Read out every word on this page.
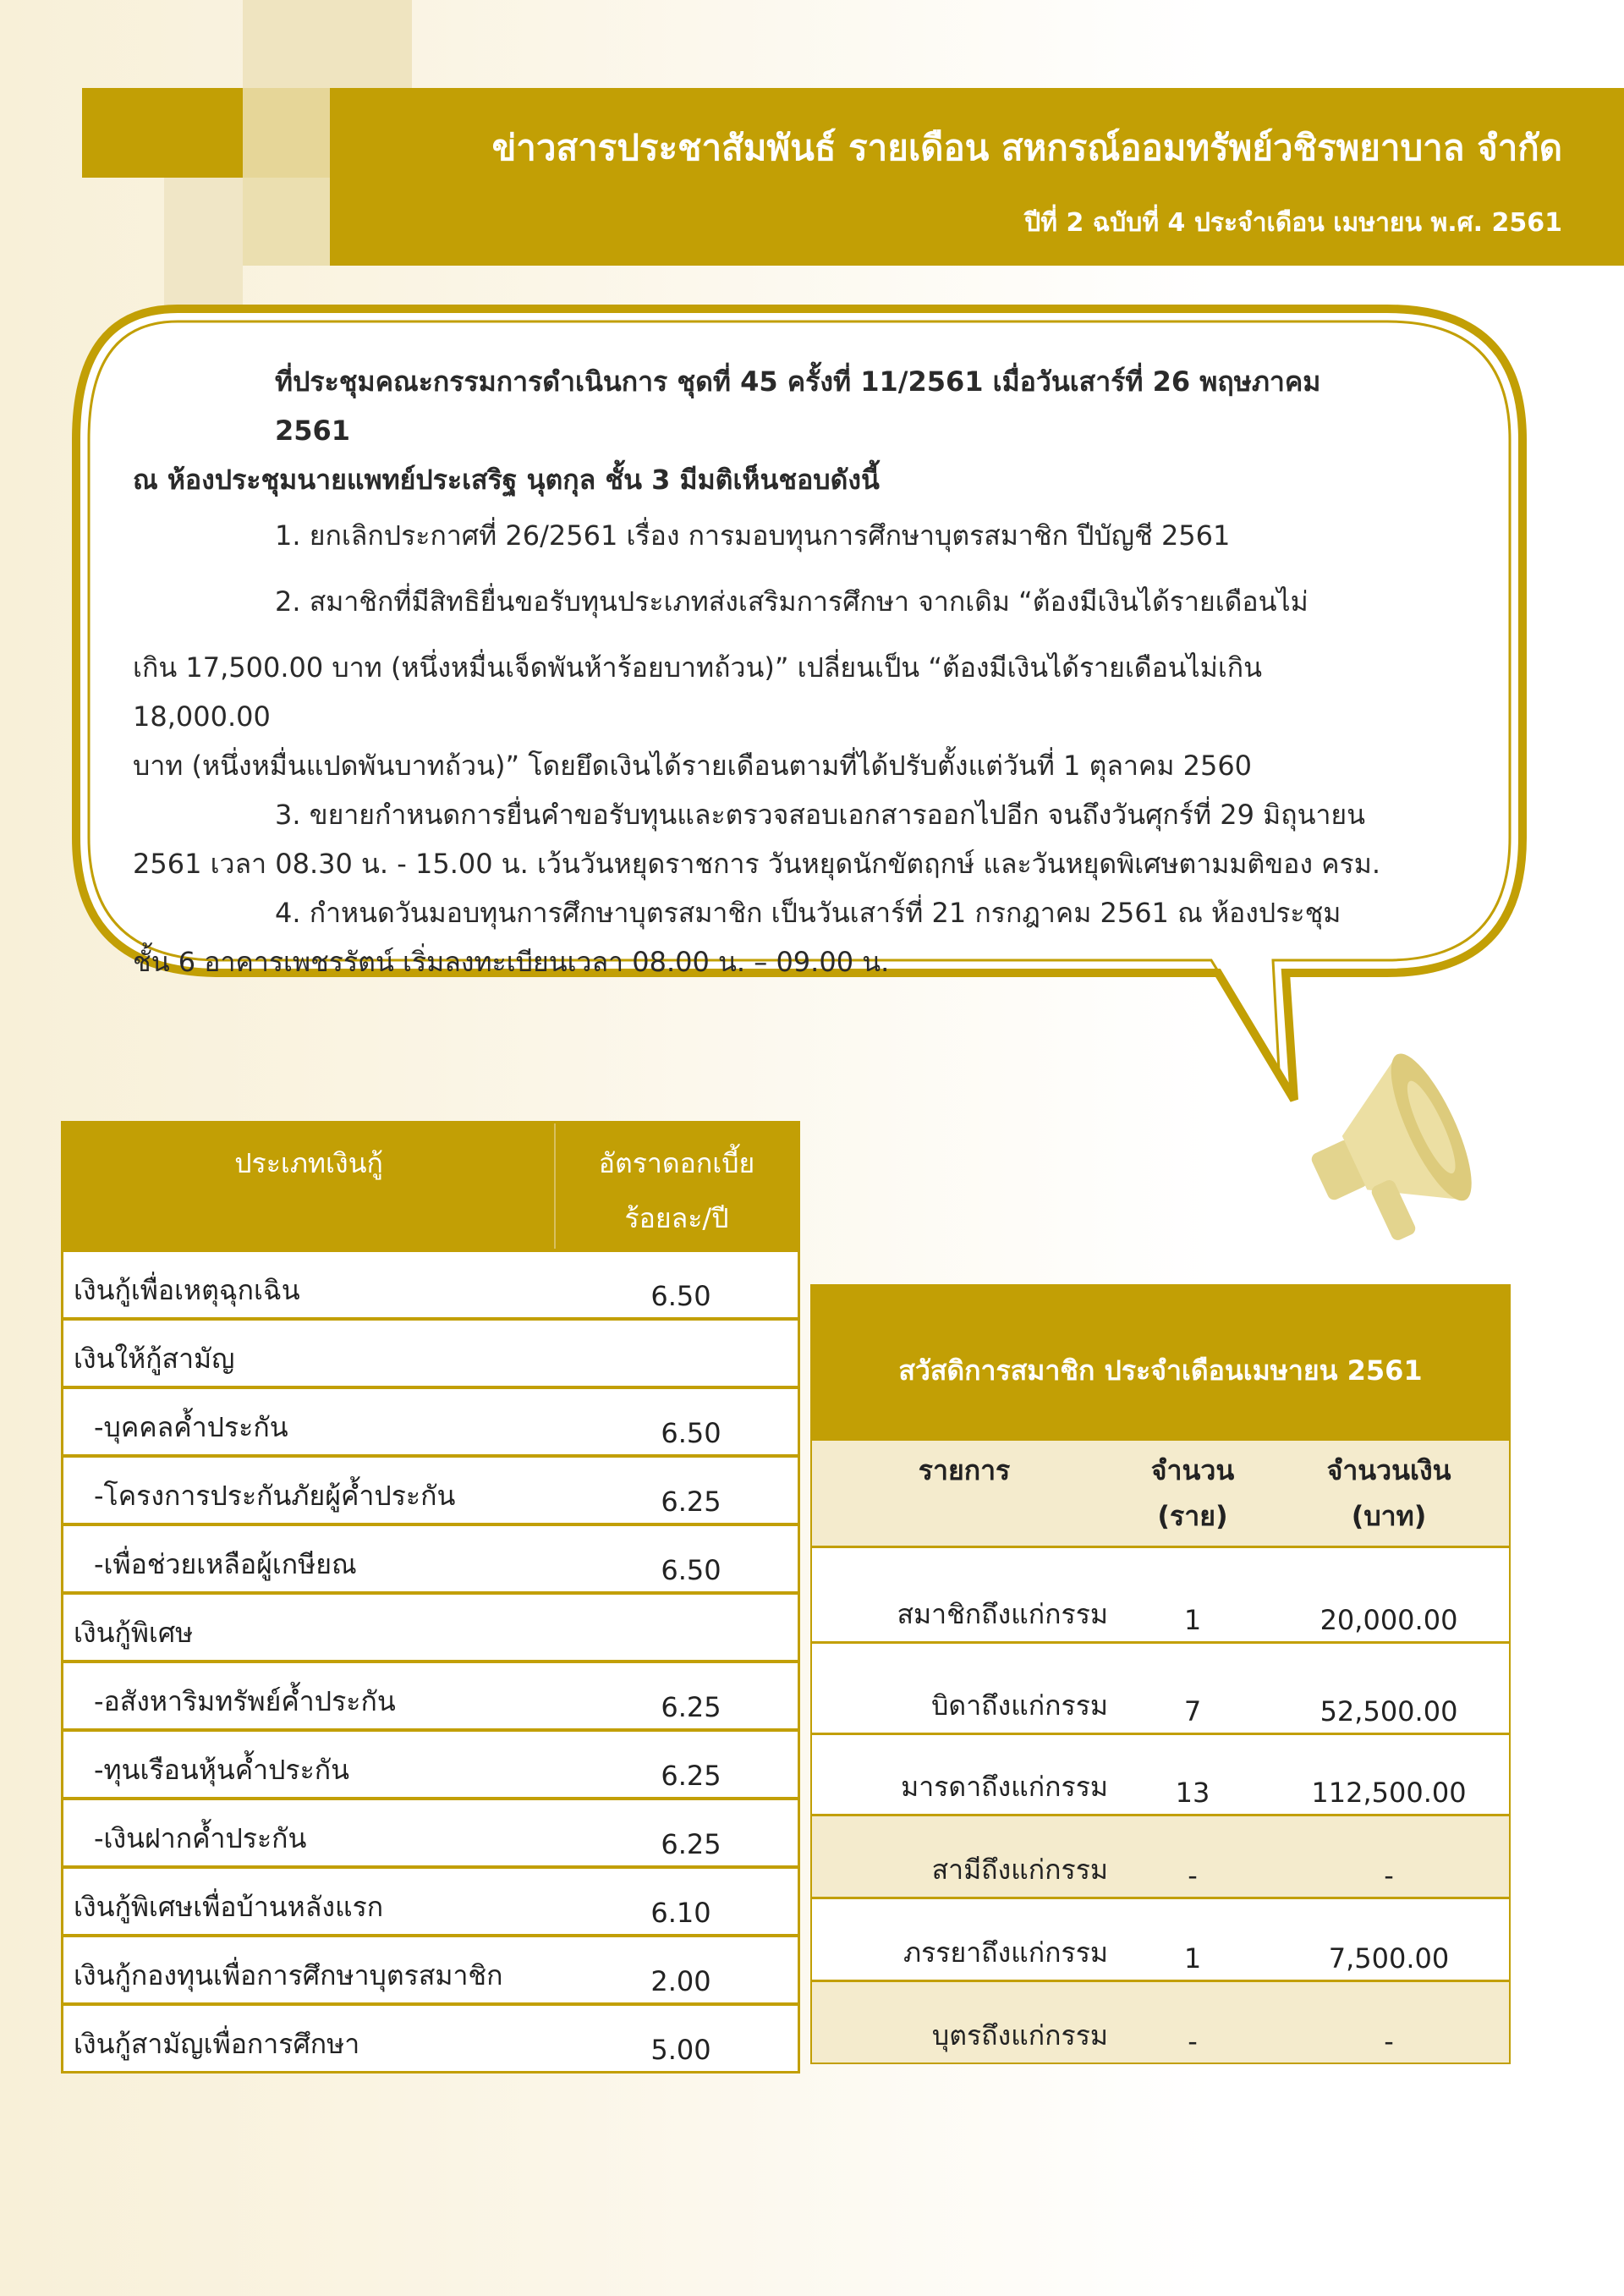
ข่าวสารประชาสัมพันธ์ รายเดือน สหกรณ์ออมทรัพย์วชิรพยาบาล จำกัด
ปีที่ 2 ฉบับที่ 4 ประจำเดือน เมษายน พ.ศ. 2561

ที่ประชุมคณะกรรมการดำเนินการ ชุดที่ 45 ครั้งที่ 11/2561 เมื่อวันเสาร์ที่ 26 พฤษภาคม 2561

ณ ห้องประชุมนายแพทย์ประเสริฐ นุตกุล ชั้น 3 มีมติเห็นชอบดังนี้

1. ยกเลิกประกาศที่ 26/2561 เรื่อง การมอบทุนการศึกษาบุตรสมาชิก ปีบัญชี 2561

2. สมาชิกที่มีสิทธิยื่นขอรับทุนประเภทส่งเสริมการศึกษา จากเดิม “ต้องมีเงินได้รายเดือนไม่

เกิน 17,500.00 บาท (หนึ่งหมื่นเจ็ดพันห้าร้อยบาทถ้วน)” เปลี่ยนเป็น “ต้องมีเงินได้รายเดือนไม่เกิน 18,000.00

บาท (หนึ่งหมื่นแปดพันบาทถ้วน)” โดยยึดเงินได้รายเดือนตามที่ได้ปรับตั้งแต่วันที่ 1 ตุลาคม 2560

3. ขยายกำหนดการยื่นคำขอรับทุนและตรวจสอบเอกสารออกไปอีก จนถึงวันศุกร์ที่ 29 มิถุนายน

2561 เวลา 08.30 น. - 15.00 น. เว้นวันหยุดราชการ วันหยุดนักขัตฤกษ์ และวันหยุดพิเศษตามมติของ ครม.

4. กำหนดวันมอบทุนการศึกษาบุตรสมาชิก เป็นวันเสาร์ที่ 21 กรกฎาคม 2561 ณ ห้องประชุม

ชั้น 6 อาคารเพชรรัตน์ เริ่มลงทะเบียนเวลา 08.00 น. – 09.00 น.

ประเภทเงินกู้	อัตราดอกเบี้ย
ร้อยละ/ปี
เงินกู้เพื่อเหตุฉุกเฉิน	6.50
เงินให้กู้สามัญ
-บุคคลค้ำประกัน	6.50
-โครงการประกันภัยผู้ค้ำประกัน	6.25
-เพื่อช่วยเหลือผู้เกษียณ	6.50
เงินกู้พิเศษ
-อสังหาริมทรัพย์ค้ำประกัน	6.25
-ทุนเรือนหุ้นค้ำประกัน	6.25
-เงินฝากค้ำประกัน	6.25
เงินกู้พิเศษเพื่อบ้านหลังแรก	6.10
เงินกู้กองทุนเพื่อการศึกษาบุตรสมาชิก	2.00
เงินกู้สามัญเพื่อการศึกษา	5.00
สวัสดิการสมาชิก ประจำเดือนเมษายน 2561
รายการ	จำนวน
(ราย)
จำนวนเงิน
(บาท)
สมาชิกถึงแก่กรรม	1	20,000.00
บิดาถึงแก่กรรม	7	52,500.00
มารดาถึงแก่กรรม	13	112,500.00
สามีถึงแก่กรรม	-	-
ภรรยาถึงแก่กรรม	1	7,500.00
บุตรถึงแก่กรรม	-	-
